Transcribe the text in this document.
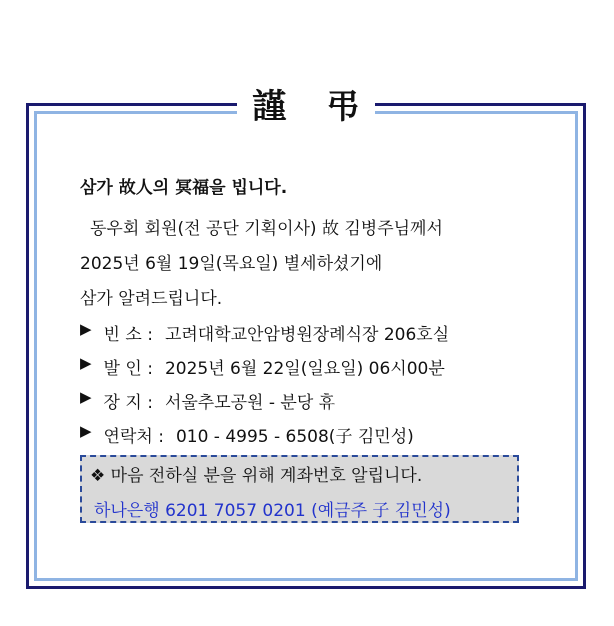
謹 弔
삼가 故人의 冥福을 빕니다.
동우회 회원(전 공단 기획이사) 故 김병주님께서
2025년 6월 19일(목요일) 별세하셨기에
삼가 알려드립니다.
▶ 빈 소 : 고려대학교안암병원장례식장 206호실
▶ 발 인 : 2025년 6월 22일(일요일) 06시00분
▶ 장 지 : 서울추모공원 - 분당 휴
▶ 연락처 : 010 - 4995 - 6508(子 김민성)
❖ 마음 전하실 분을 위해 계좌번호 알립니다.
하나은행 6201 7057 0201 (예금주 子 김민성)
